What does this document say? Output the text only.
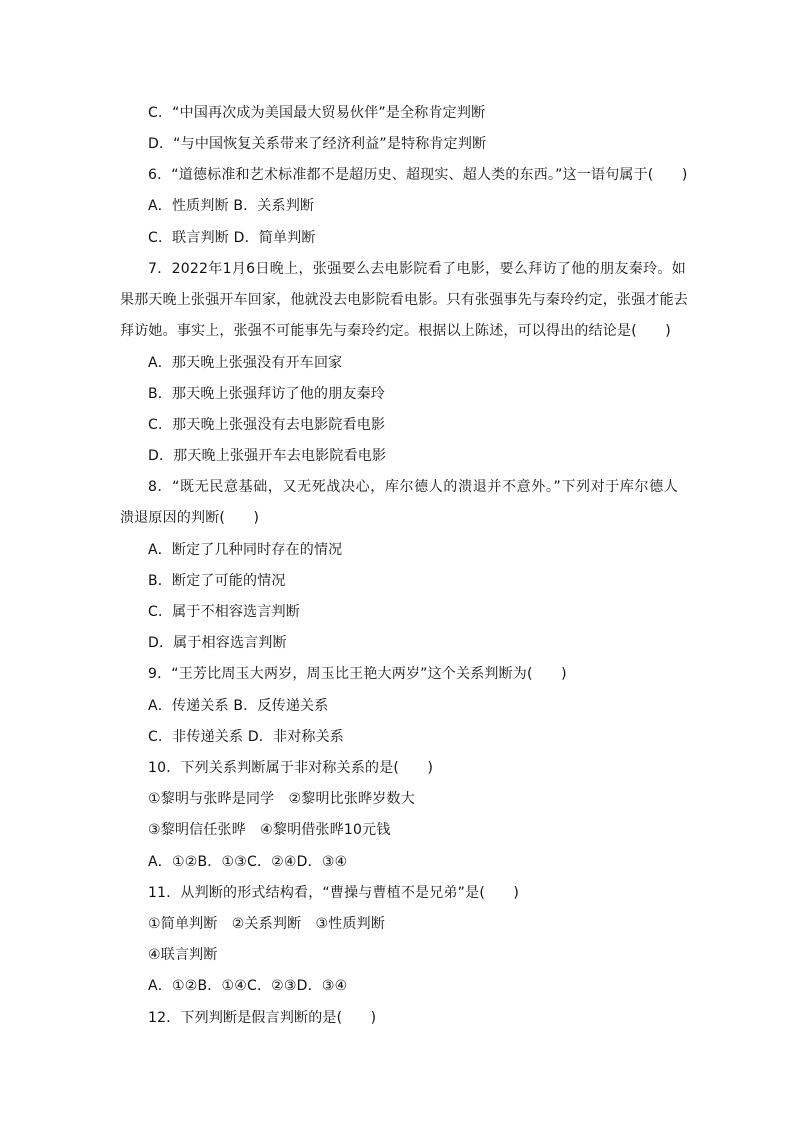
C．“中国再次成为美国最大贸易伙伴”是全称肯定判断
D．“与中国恢复关系带来了经济利益”是特称肯定判断
6．“道德标准和艺术标准都不是超历史、超现实、超人类的东西。”这一语句属于(　　)
A．性质判断 B．关系判断
C．联言判断 D．简单判断
7．2022年1月6日晚上，张强要么去电影院看了电影，要么拜访了他的朋友秦玲。如
果那天晚上张强开车回家，他就没去电影院看电影。只有张强事先与秦玲约定，张强才能去
拜访她。事实上，张强不可能事先与秦玲约定。根据以上陈述，可以得出的结论是(　　)
A．那天晚上张强没有开车回家
B．那天晚上张强拜访了他的朋友秦玲
C．那天晚上张强没有去电影院看电影
D．那天晚上张强开车去电影院看电影
8．“既无民意基础，又无死战决心，库尔德人的溃退并不意外。”下列对于库尔德人
溃退原因的判断(　　)
A．断定了几种同时存在的情况
B．断定了可能的情况
C．属于不相容选言判断
D．属于相容选言判断
9．“王芳比周玉大两岁，周玉比王艳大两岁”这个关系判断为(　　)
A．传递关系 B．反传递关系
C．非传递关系 D．非对称关系
10．下列关系判断属于非对称关系的是(　　)
①黎明与张晔是同学　②黎明比张晔岁数大
③黎明信任张晔　④黎明借张晔10元钱
A．①②B．①③C．②④D．③④
11．从判断的形式结构看，“曹操与曹植不是兄弟”是(　　)
①简单判断　②关系判断　③性质判断
④联言判断
A．①②B．①④C．②③D．③④
12．下列判断是假言判断的是(　　)
